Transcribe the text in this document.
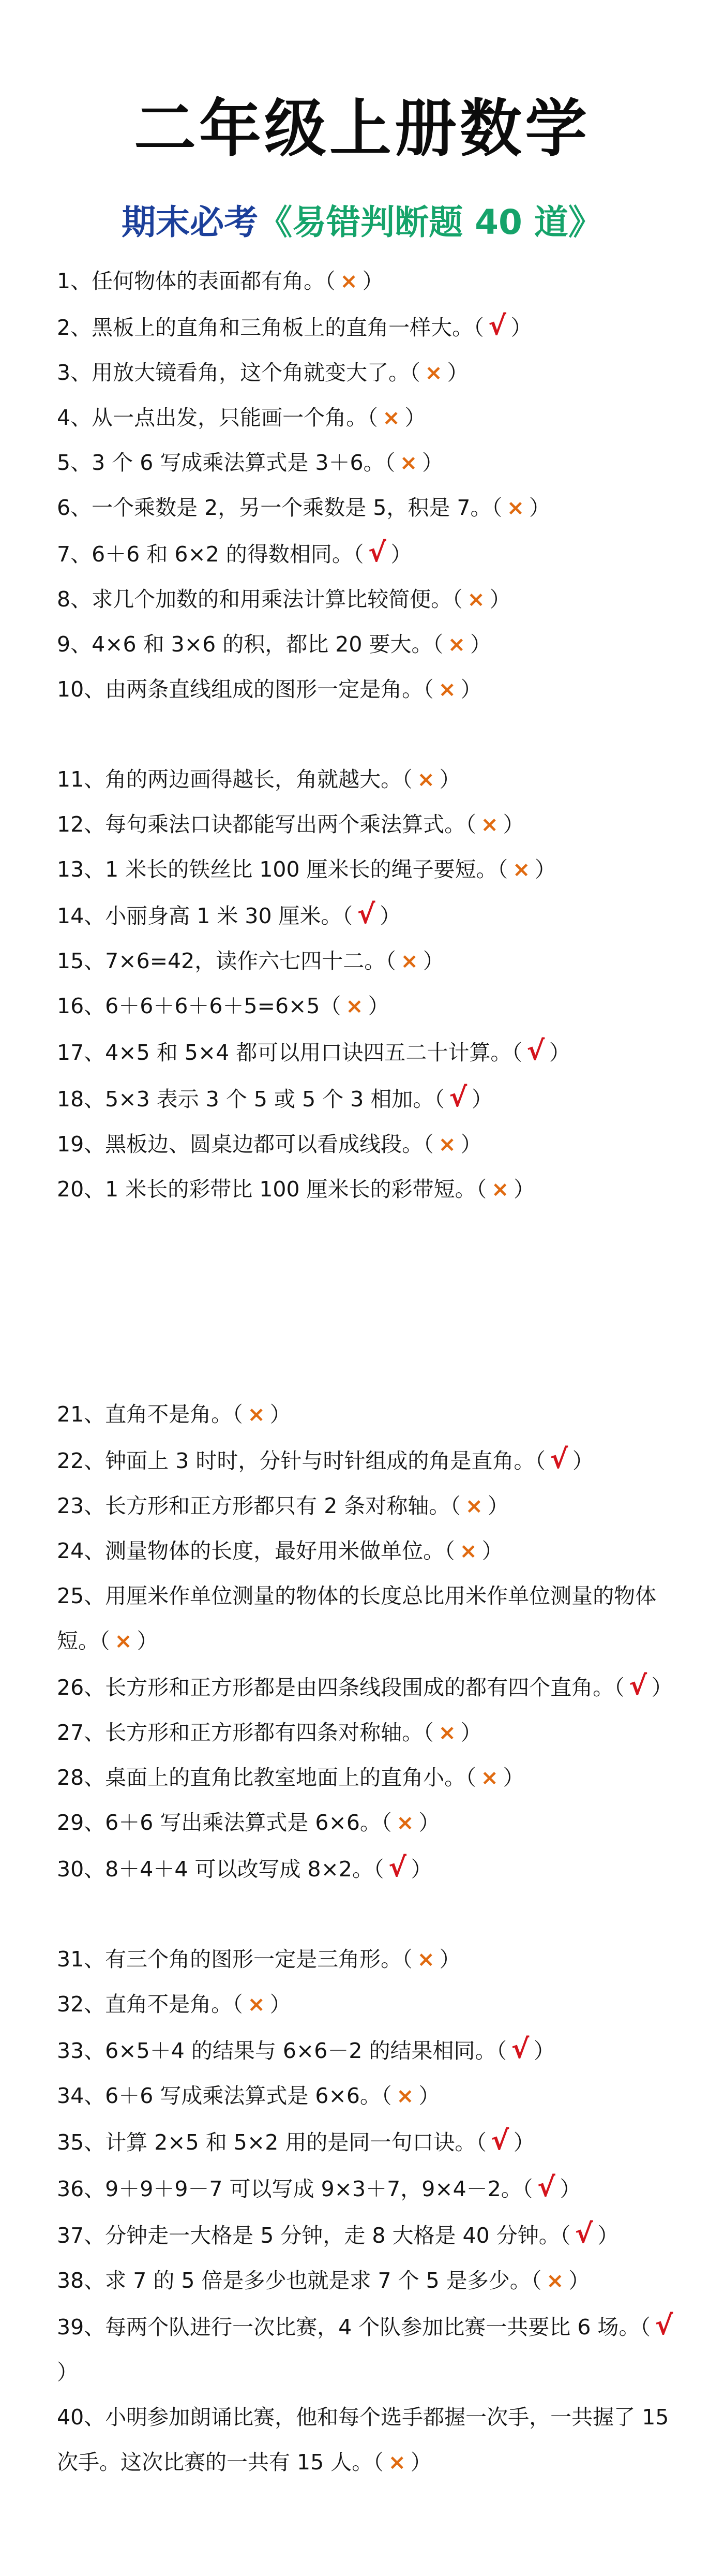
二年级上册数学
期末必考《易错判断题 40 道》

1、任何物体的表面都有角。（ × ）

2、黑板上的直角和三角板上的直角一样大。（ √ ）

3、用放大镜看角，这个角就变大了。（ × ）

4、从一点出发，只能画一个角。（ × ）

5、3 个 6 写成乘法算式是 3＋6。（ × ）

6、一个乘数是 2，另一个乘数是 5，积是 7。（ × ）

7、6＋6 和 6×2 的得数相同。（ √ ）

8、求几个加数的和用乘法计算比较简便。（ × ）

9、4×6 和 3×6 的积，都比 20 要大。（ × ）

10、由两条直线组成的图形一定是角。（ × ）

11、角的两边画得越长，角就越大。（ × ）

12、每句乘法口诀都能写出两个乘法算式。（ × ）

13、1 米长的铁丝比 100 厘米长的绳子要短。（ × ）

14、小丽身高 1 米 30 厘米。（ √ ）

15、7×6=42，读作六七四十二。（ × ）

16、6＋6＋6＋6＋5=6×5（ × ）

17、4×5 和 5×4 都可以用口诀四五二十计算。（ √ ）

18、5×3 表示 3 个 5 或 5 个 3 相加。（ √ ）

19、黑板边、圆桌边都可以看成线段。（ × ）

20、1 米长的彩带比 100 厘米长的彩带短。（ × ）

21、直角不是角。（ × ）

22、钟面上 3 时时，分针与时针组成的角是直角。（ √ ）

23、长方形和正方形都只有 2 条对称轴。（ × ）

24、测量物体的长度，最好用米做单位。（ × ）

25、用厘米作单位测量的物体的长度总比用米作单位测量的物体短。（ × ）

26、长方形和正方形都是由四条线段围成的都有四个直角。（ √ ）

27、长方形和正方形都有四条对称轴。（ × ）

28、桌面上的直角比教室地面上的直角小。（ × ）

29、6＋6 写出乘法算式是 6×6。（ × ）

30、8＋4＋4 可以改写成 8×2。（ √ ）

31、有三个角的图形一定是三角形。（ × ）

32、直角不是角。（ × ）

33、6×5＋4 的结果与 6×6－2 的结果相同。（ √ ）

34、6＋6 写成乘法算式是 6×6。（ × ）

35、计算 2×5 和 5×2 用的是同一句口诀。（ √ ）

36、9＋9＋9－7 可以写成 9×3＋7，9×4－2。（ √ ）

37、分钟走一大格是 5 分钟，走 8 大格是 40 分钟。（ √ ）

38、求 7 的 5 倍是多少也就是求 7 个 5 是多少。（ × ）

39、每两个队进行一次比赛，4 个队参加比赛一共要比 6 场。（ √）

40、小明参加朗诵比赛，他和每个选手都握一次手，一共握了 15 次手。这次比赛的一共有 15 人。（ × ）
